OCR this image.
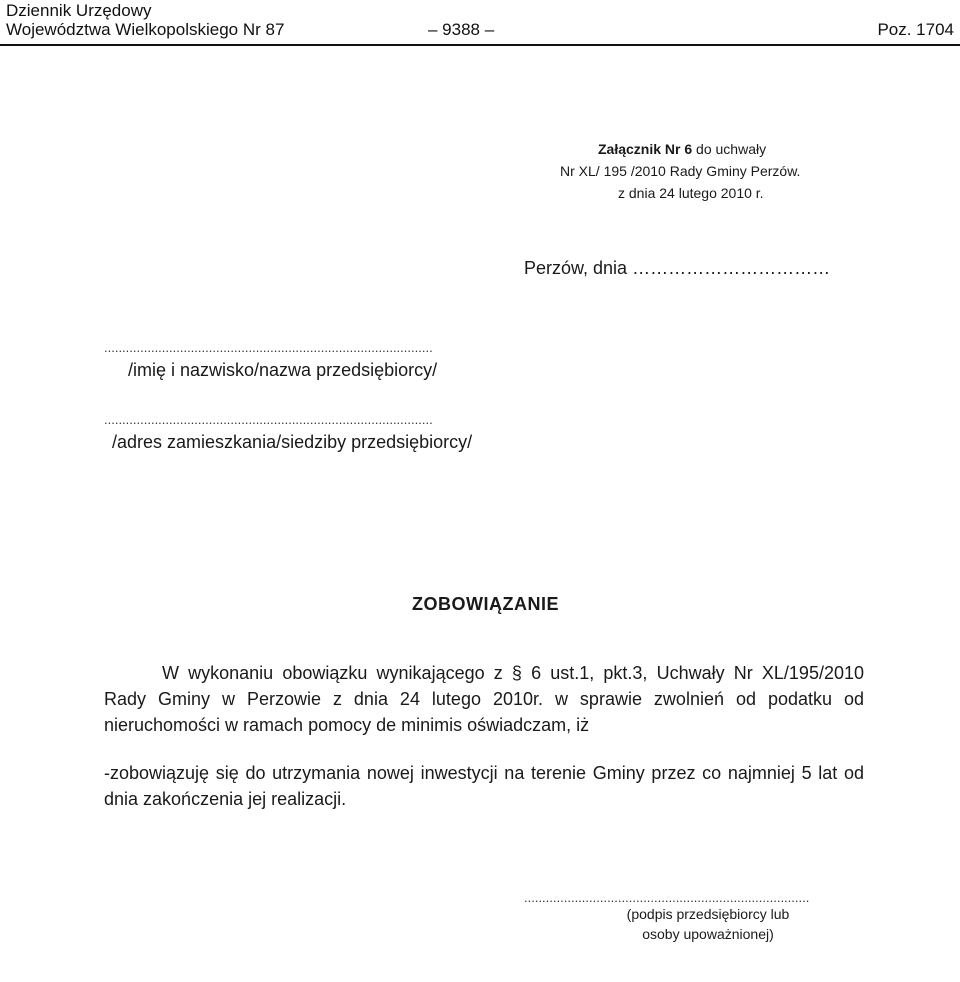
Dziennik Urzędowy
Województwa Wielkopolskiego Nr 87	– 9388 –	Poz. 1704
Załącznik Nr 6 do uchwały
Nr XL/ 195 /2010 Rady Gminy Perzów.
z dnia 24 lutego 2010 r.
Perzów, dnia ……………………………
...........................................................................................
/imię i nazwisko/nazwa przedsiębiorcy/
...........................................................................................
/adres zamieszkania/siedziby przedsiębiorcy/
ZOBOWIĄZANIE
W wykonaniu obowiązku wynikającego z § 6 ust.1, pkt.3, Uchwały Nr XL/195/2010 Rady Gminy w Perzowie z dnia 24 lutego 2010r. w sprawie zwolnień od podatku od nieruchomości w ramach pomocy de minimis oświadczam, iż
-zobowiązuję się do utrzymania nowej inwestycji na terenie Gminy przez co najmniej 5 lat od dnia zakończenia jej realizacji.
...............................................................................
(podpis przedsiębiorcy lub
osoby upoważnionej)
